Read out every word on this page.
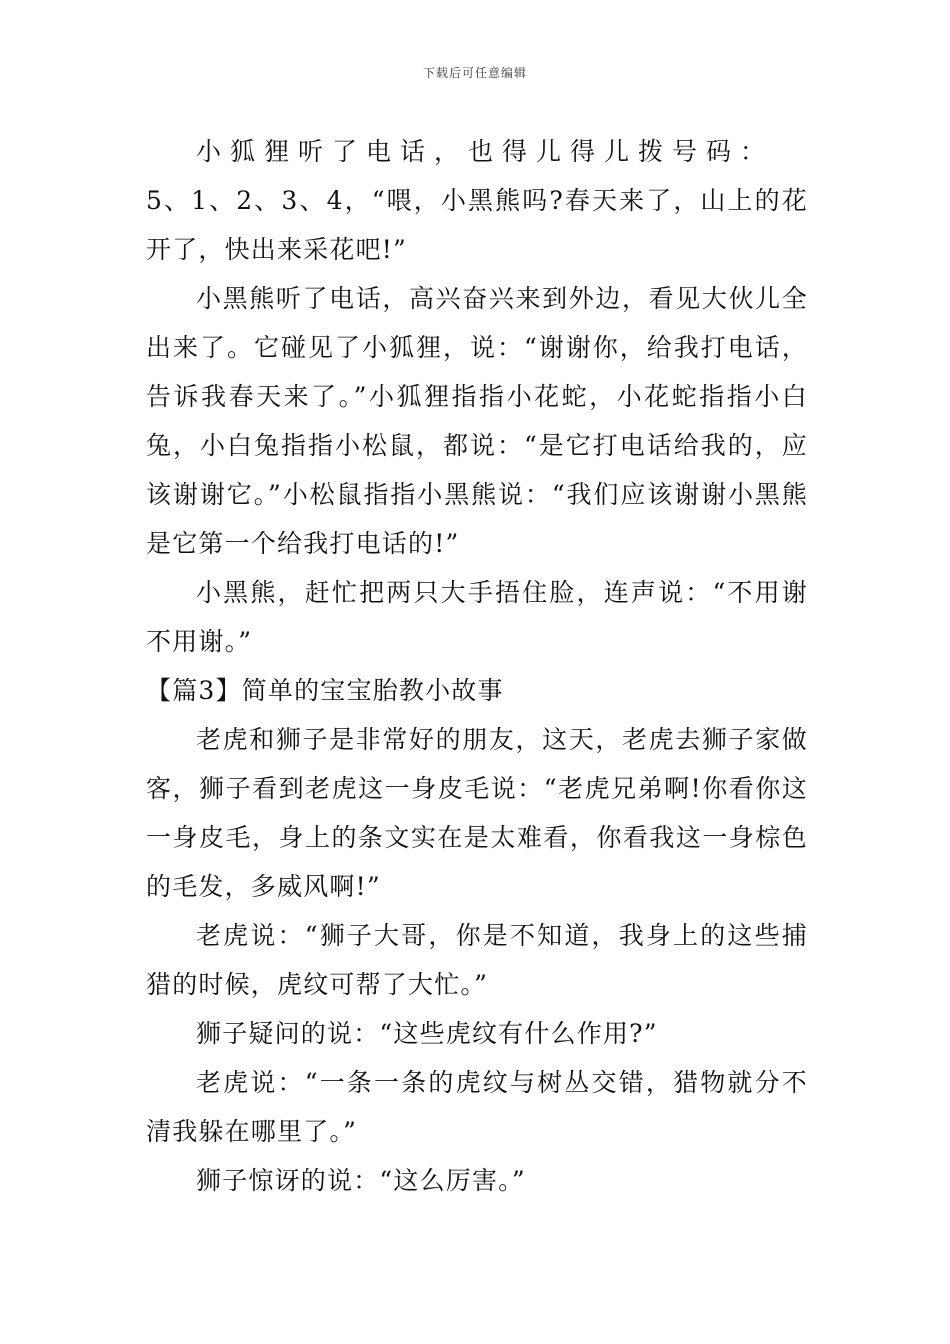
下载后可任意编辑

小狐狸听了电话，也得儿得儿拨号码：

5、1、2、3、4，“喂，小黑熊吗?春天来了，山上的花开了，快出来采花吧!”

小黑熊听了电话，高兴奋兴来到外边，看见大伙儿全出来了。它碰见了小狐狸，说：“谢谢你，给我打电话，告诉我春天来了。”小狐狸指指小花蛇，小花蛇指指小白兔，小白兔指指小松鼠，都说：“是它打电话给我的，应该谢谢它。”小松鼠指指小黑熊说：“我们应该谢谢小黑熊是它第一个给我打电话的!”

小黑熊，赶忙把两只大手捂住脸，连声说：“不用谢不用谢。”

【篇3】简单的宝宝胎教小故事

老虎和狮子是非常好的朋友，这天，老虎去狮子家做客，狮子看到老虎这一身皮毛说：“老虎兄弟啊!你看你这一身皮毛，身上的条文实在是太难看，你看我这一身棕色的毛发，多威风啊!”

老虎说：“狮子大哥，你是不知道，我身上的这些捕猎的时候，虎纹可帮了大忙。”

狮子疑问的说：“这些虎纹有什么作用?”

老虎说：“一条一条的虎纹与树丛交错，猎物就分不清我躲在哪里了。”

狮子惊讶的说：“这么厉害。”
